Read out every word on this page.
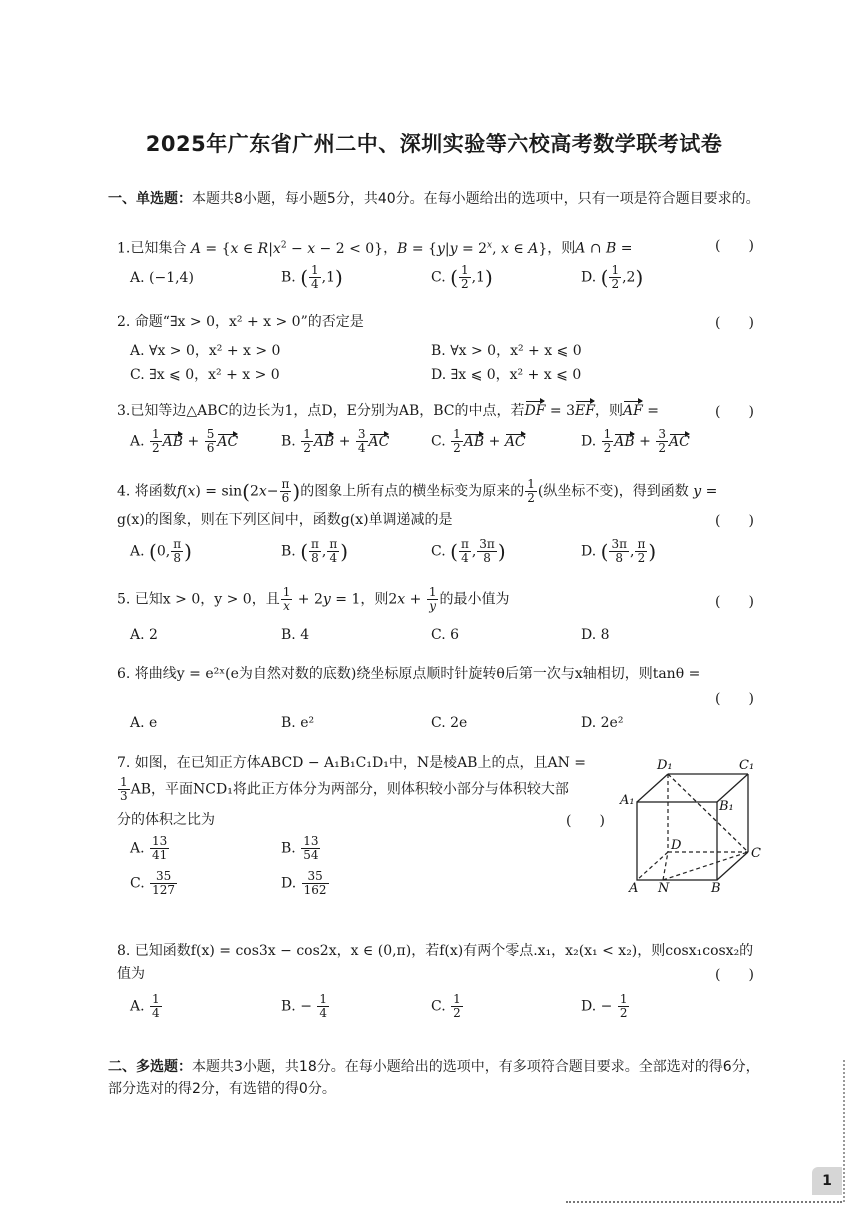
2025年广东省广州二中、深圳实验等六校高考数学联考试卷
一、单选题：本题共8小题，每小题5分，共40分。在每小题给出的选项中，只有一项是符合题目要求的。
1.已知集合 A = {x ∈ $R|x^2 - x - 2 < 0$}，$B = \{y|y = 2^x$, x ∈ A}，则A ∩ B =	(　　)
A. (−1,4)	B. ( $\frac{1}{4} ,1$)	C. ( $\frac{1}{2} ,1$)	D. ( $\frac{1}{2} ,2$)
2. 命题“∃x > 0，x² + x > 0”的否定是	(　　)
A. ∀x > 0，x² + x > 0	B. ∀x > 0，x² + x ⩽ 0
C. ∃x ⩽ 0，x² + x > 0	D. ∃x ⩽ 0，x² + x ⩽ 0
3.已知等边△ABC的边长为1，点D，E分别为AB，BC的中点，若DF = 3EF，则AF =	(　　)
A. $\frac{1}{2}$ AB + $\frac{5}{6}$ AC	B. $\frac{1}{2}$ AB + $\frac{3}{4}$ AC	C. $\frac{1}{2}$ AB + AC	D. $\frac{1}{2}$ AB + $\frac{3}{2}$ AC
4. 将函数$f(x) = \sin(2x- \frac{\pi}{6}$ )的图象上所有点的横坐标变为原来的 $\frac{1}{2}$ (纵坐标不变)，得到函数 y =
g(x)的图象，则在下列区间中，函数g(x)单调递减的是	(　　)
A. (0, $\frac{\pi}{8}$ )	B. ( $\frac{\pi}{8}$ , $\frac{\pi}{4}$ )	C. ( $\frac{\pi}{4}$ , $\frac{3\pi}{8}$ )	D. ( $\frac{3\pi}{8}$ , $\frac{\pi}{2}$ )
5. 已知x > 0，y > 0，且 $\frac{1}{x} + 2y = 1$，则$2x + \frac{1}{y}$ 的最小值为	(　　)
A. 2	B. 4	C. 6	D. 8
6. 将曲线y = e²ˣ(e为自然对数的底数)绕坐标原点顺时针旋转θ后第一次与x轴相切，则tanθ =
(　　)
A. e	B. e²	C. 2e	D. 2e²
7. 如图，在已知正方体ABCD − A₁B₁C₁D₁中，N是棱AB上的点，且AN =
$\frac{1}{3}$ AB，平面NCD₁将此正方体分为两部分，则体积较小部分与体积较大部
分的体积之比为	(　　)
A. $\frac{13}{41}$	B. $\frac{13}{54}$
C. $\frac{35}{127}$	D. $\frac{35}{162}$
D₁	C₁
A₁	B₁
D
C
A N	B
8. 已知函数f(x) = cos3x − cos2x，x ∈ (0,π)，若f(x)有两个零点.x₁，x₂(x₁ < x₂)，则cosx₁cosx₂的
值为	(　　)
A. $\frac{1}{4}$	B. − $\frac{1}{4}$	C. $\frac{1}{2}$	D. − $\frac{1}{2}$
二、多选题：本题共3小题，共18分。在每小题给出的选项中，有多项符合题目要求。全部选对的得6分，部分选对的得2分，有选错的得0分。
1
